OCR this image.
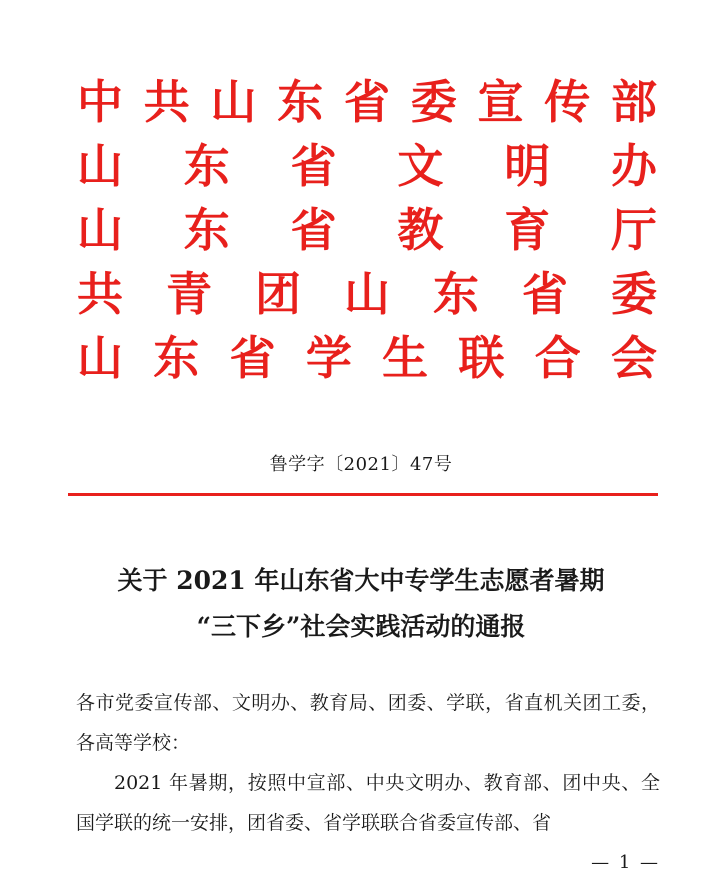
中 共 山 东 省 委 宣 传 部
山 东 省 文 明 办
山 东 省 教 育 厅
共 青 团 山 东 省 委
山 东 省 学 生 联 合 会
鲁学字〔2021〕47号
关于 2021 年山东省大中专学生志愿者暑期
“三下乡”社会实践活动的通报
各市党委宣传部、文明办、教育局、团委、学联，省直机关团工委，各高等学校：
2021 年暑期，按照中宣部、中央文明办、教育部、团中央、全国学联的统一安排，团省委、省学联联合省委宣传部、省
— 1 —
